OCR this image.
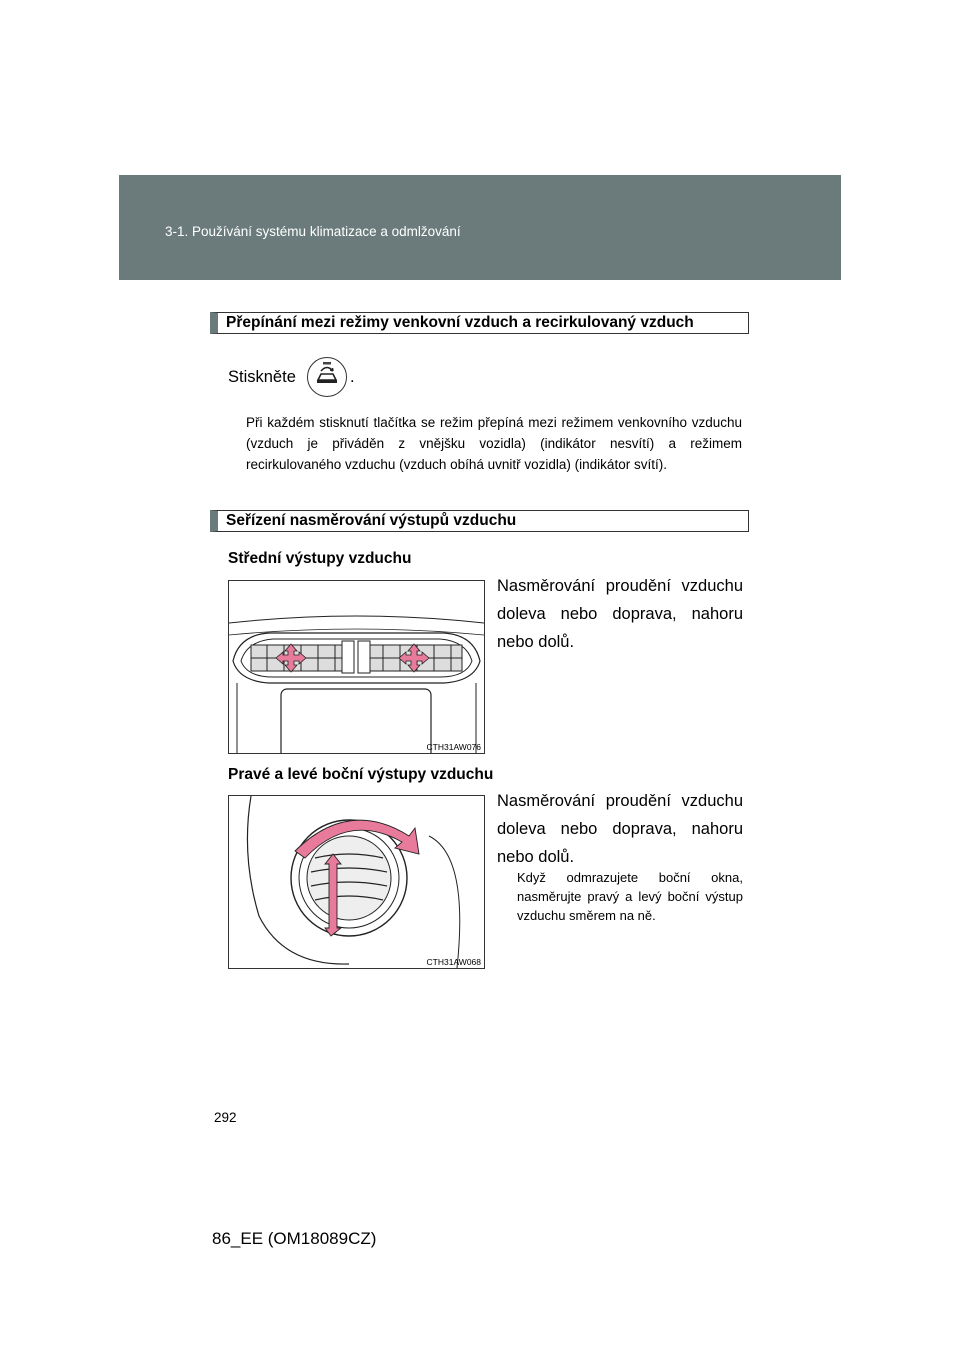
3-1. Používání systému klimatizace a odmlžování
Přepínání mezi režimy venkovní vzduch a recirkulovaný vzduch
Stiskněte	.
Při každém stisknutí tlačítka se režim přepíná mezi režimem venkovního vzduchu (vzduch je přiváděn z vnějšku vozidla) (indikátor nesvítí) a režimem recirkulovaného vzduchu (vzduch obíhá uvnitř vozidla) (indikátor svítí).
Seřízení nasměrování výstupů vzduchu
Střední výstupy vzduchu
CTH31AW076
Nasměrování proudění vzduchu doleva nebo doprava, nahoru nebo dolů.
Pravé a levé boční výstupy vzduchu
CTH31AW068
Nasměrování proudění vzduchu doleva nebo doprava, nahoru nebo dolů.
Když odmrazujete boční okna, nasměrujte pravý a levý boční výstup vzduchu směrem na ně.
292
86_EE (OM18089CZ)
